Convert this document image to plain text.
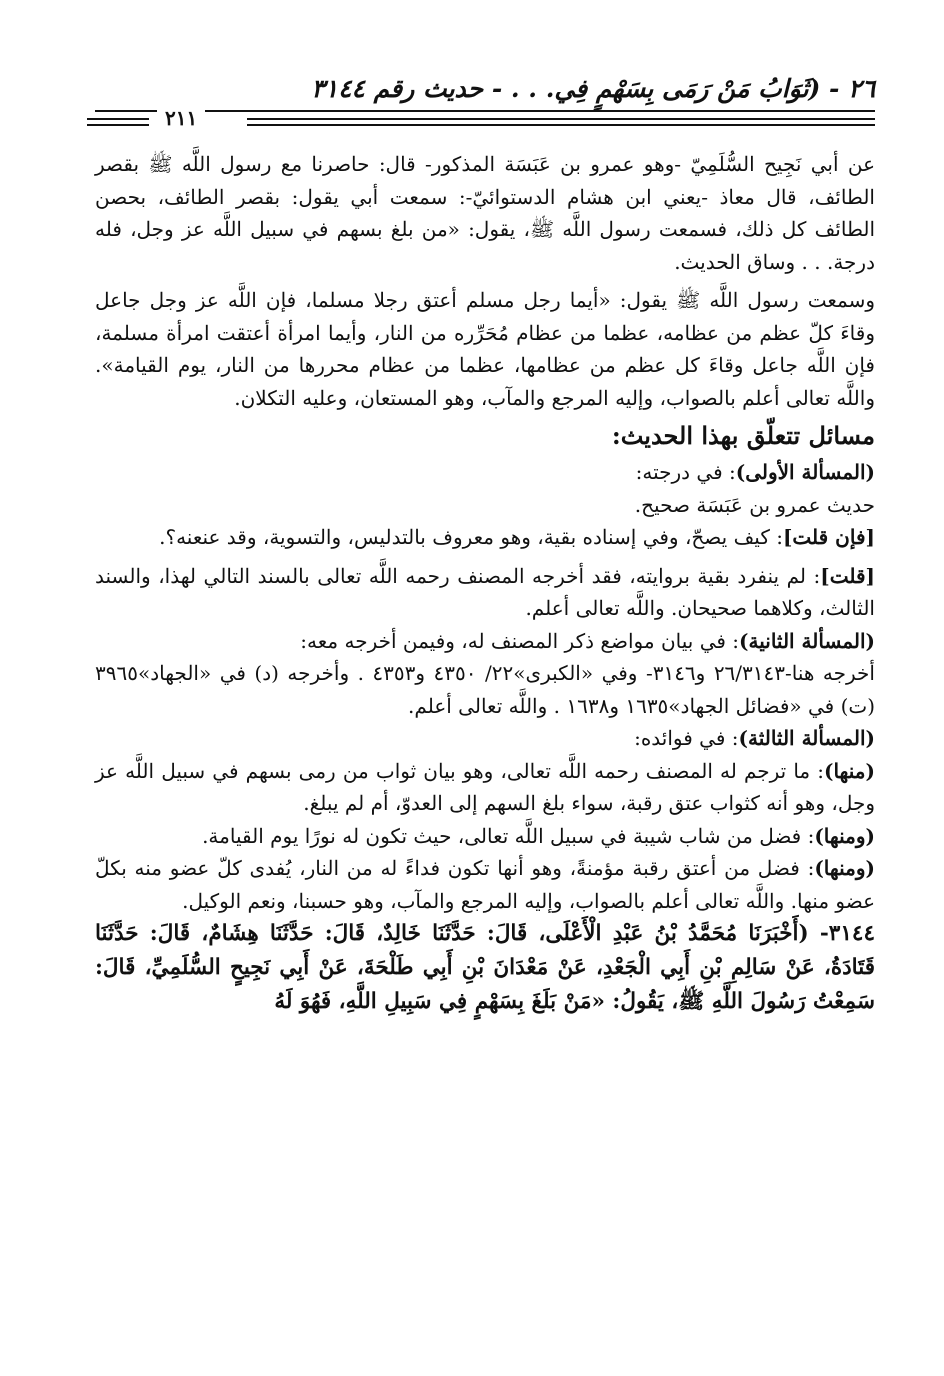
٢٦ - (ثَوَابُ مَنْ رَمَى بِسَهْمٍ فِي. . . - حديث رقم ٣١٤٤
٢١١

عن أبي نَجِيح السُّلَمِيّ -وهو عمرو بن عَبَسَة المذكور- قال: حاصرنا مع رسول اللَّه ﷺ بقصر الطائف، قال معاذ -يعني ابن هشام الدستوائيّ-: سمعت أبي يقول: بقصر الطائف، بحصن الطائف كل ذلك، فسمعت رسول اللَّه ﷺ، يقول: «من بلغ بسهم في سبيل اللَّه عز وجل، فله درجة. . . وساق الحديث.

وسمعت رسول اللَّه ﷺ يقول: «أيما رجل مسلم أعتق رجلا مسلما، فإن اللَّه عز وجل جاعل وقاءَ كلّ عظم من عظامه، عظما من عظام مُحَرِّره من النار، وأيما امرأة أعتقت امرأة مسلمة، فإن اللَّه جاعل وقاءَ كل عظم من عظامها، عظما من عظام محررها من النار، يوم القيامة». واللَّه تعالى أعلم بالصواب، وإليه المرجع والمآب، وهو المستعان، وعليه التكلان.

مسائل تتعلّق بهذا الحديث:

(المسألة الأولى): في درجته:

حديث عمرو بن عَبَسَة صحيح.

[فإن قلت]: كيف يصحّ، وفي إسناده بقية، وهو معروف بالتدليس، والتسوية، وقد عنعنه؟.

[قلت]: لم ينفرد بقية بروايته، فقد أخرجه المصنف رحمه اللَّه تعالى بالسند التالي لهذا، والسند الثالث، وكلاهما صحيحان. واللَّه تعالى أعلم.

(المسألة الثانية): في بيان مواضع ذكر المصنف له، وفيمن أخرجه معه:

أخرجه هنا-٢٦/٣١٤٣ و٣١٤٦- وفي «الكبرى»٢٢/ ٤٣٥٠ و٤٣٥٣ . وأخرجه (د) في «الجهاد»٣٩٦٥ (ت) في «فضائل الجهاد»١٦٣٥ و١٦٣٨ . واللَّه تعالى أعلم.

(المسألة الثالثة): في فوائده:

(منها): ما ترجم له المصنف رحمه اللَّه تعالى، وهو بيان ثواب من رمى بسهم في سبيل اللَّه عز وجل، وهو أنه كثواب عتق رقبة، سواء بلغ السهم إلى العدوّ، أم لم يبلغ.

(ومنها): فضل من شاب شيبة في سبيل اللَّه تعالى، حيث تكون له نورًا يوم القيامة.

(ومنها): فضل من أعتق رقبة مؤمنةً، وهو أنها تكون فداءً له من النار، يُفدى كلّ عضو منه بكلّ عضو منها. واللَّه تعالى أعلم بالصواب، وإليه المرجع والمآب، وهو حسبنا، ونعم الوكيل.

٣١٤٤- (أَخْبَرَنَا مُحَمَّدُ بْنُ عَبْدِ الْأَعْلَى، قَالَ: حَدَّثَنَا خَالِدٌ، قَالَ: حَدَّثَنَا هِشَامٌ، قَالَ: حَدَّثَنَا قَتَادَةُ، عَنْ سَالِمِ بْنِ أَبِي الْجَعْدِ، عَنْ مَعْدَانَ بْنِ أَبِي طَلْحَةَ، عَنْ أَبِي نَجِيحٍ السُّلَمِيِّ، قَالَ: سَمِعْتُ رَسُولَ اللَّهِ ﷺ، يَقُولُ: «مَنْ بَلَغَ بِسَهْمٍ فِي سَبِيلِ اللَّهِ، فَهُوَ لَهُ
